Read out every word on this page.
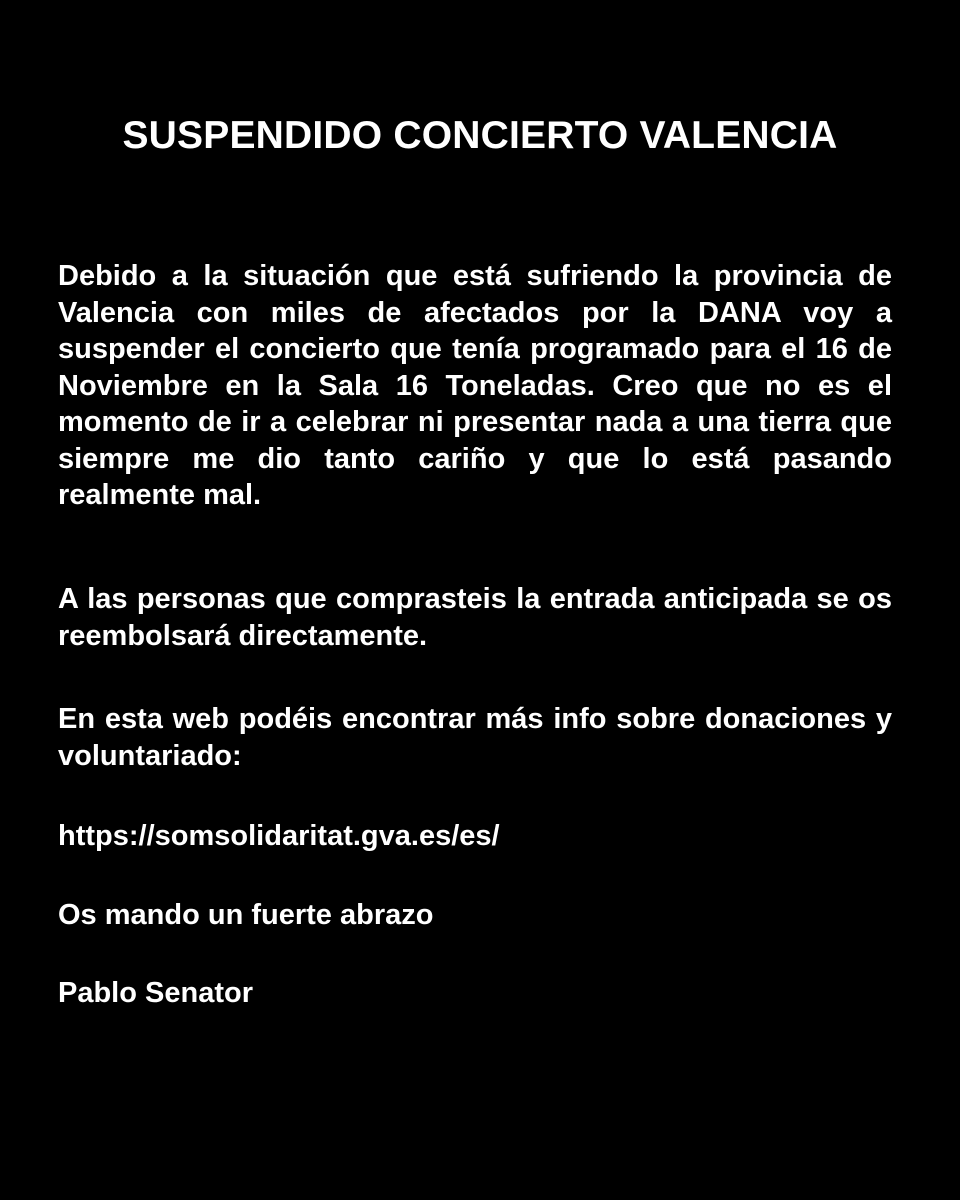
SUSPENDIDO CONCIERTO VALENCIA

Debido a la situación que está sufriendo la provincia de Valencia con miles de afectados por la DANA voy a suspender el concierto que tenía programado para el 16 de Noviembre en la Sala 16 Toneladas. Creo que no es el momento de ir a celebrar ni presentar nada a una tierra que siempre me dio tanto cariño y que lo está pasando realmente mal.

A las personas que comprasteis la entrada anticipada se os reembolsará directamente.

En esta web podéis encontrar más info sobre donaciones y voluntariado:

https://somsolidaritat.gva.es/es/

Os mando un fuerte abrazo

Pablo Senator
